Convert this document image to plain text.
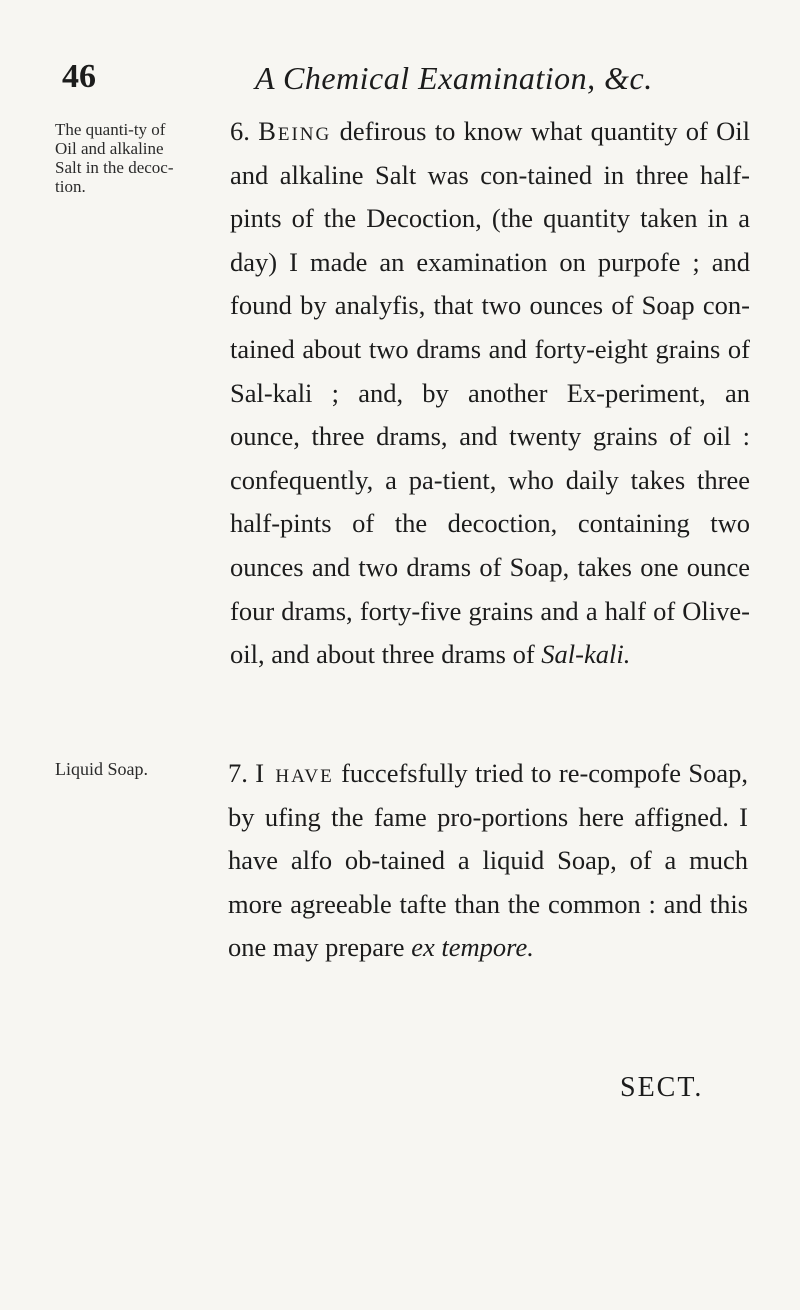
46	A Chemical Examination, &c.
The quanti-ty of Oil and alkaline Salt in the decoc-tion.
6. Being defirous to know what quantity of Oil and alkaline Salt was con-tained in three half-pints of the Decoction, (the quantity taken in a day) I made an examination on purpofe ; and found by analyfis, that two ounces of Soap con-tained about two drams and forty-eight grains of Sal-kali ; and, by another Ex-periment, an ounce, three drams, and twenty grains of oil : confequently, a pa-tient, who daily takes three half-pints of the decoction, containing two ounces and two drams of Soap, takes one ounce four drams, forty-five grains and a half of Olive-oil, and about three drams of Sal-kali.
Liquid Soap.	7. I have fuccefsfully tried to re-compofe Soap, by ufing the fame pro-portions here affigned. I have alfo ob-tained a liquid Soap, of a much more agreeable tafte than the common : and this one may prepare ex tempore.
SECT.
